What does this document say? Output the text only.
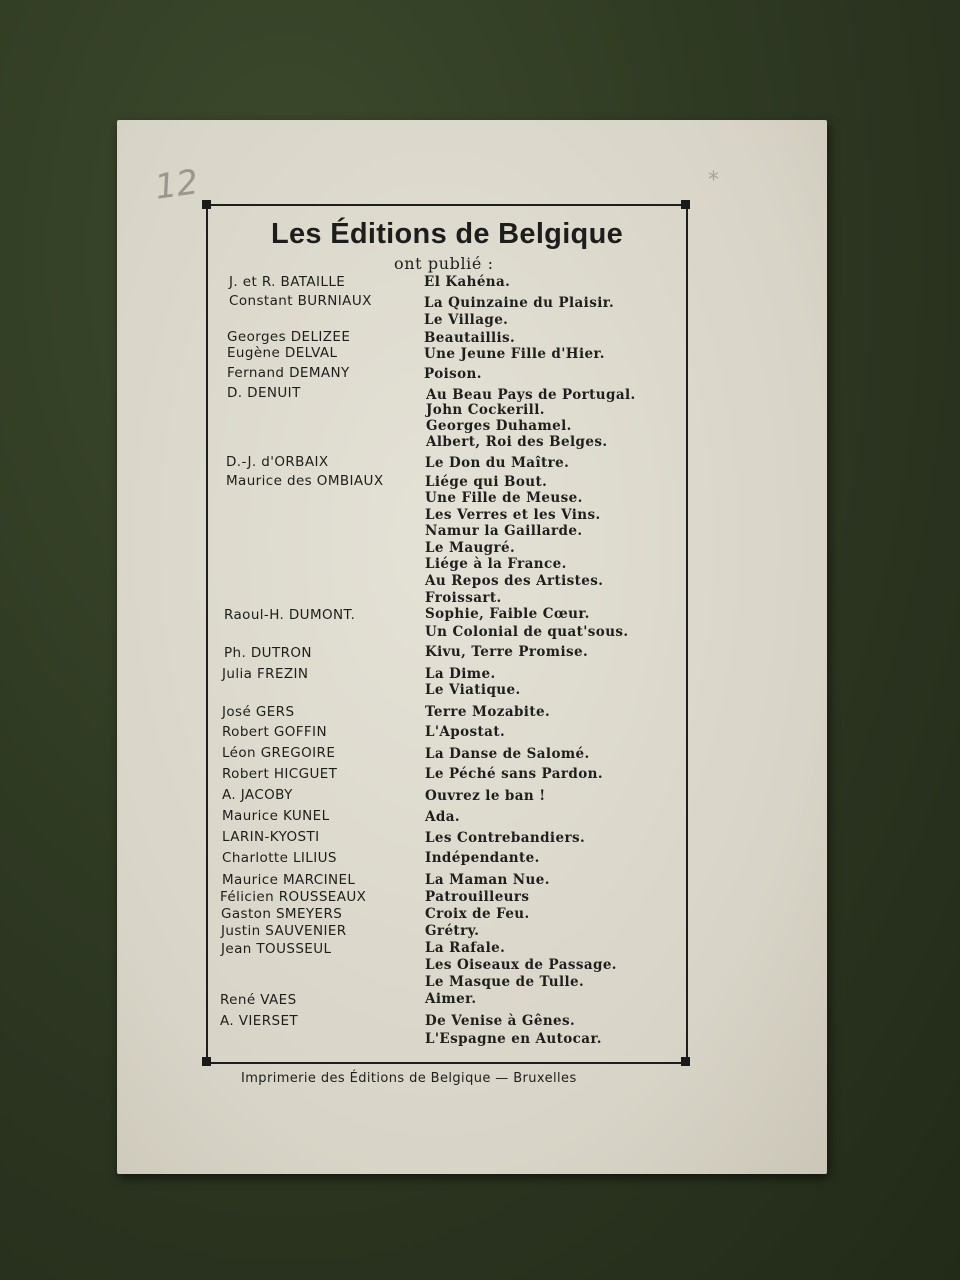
12	*
Les Éditions de Belgique
ont publié :
J. et R. BATAILLE
Constant BURNIAUX
Georges DELIZEE
Eugène DELVAL
Fernand DEMANY
D. DENUIT
D.-J. d'ORBAIX
Maurice des OMBIAUX
Raoul-H. DUMONT.
Ph. DUTRON
Julia FREZIN
José GERS
Robert GOFFIN
Léon GREGOIRE
Robert HICGUET
A. JACOBY
Maurice KUNEL
LARIN-KYOSTI
Charlotte LILIUS
Maurice MARCINEL
Félicien ROUSSEAUX
Gaston SMEYERS
Justin SAUVENIER
Jean TOUSSEUL
René VAES
A. VIERSET
El Kahéna.
La Quinzaine du Plaisir.
Le Village.
Beautaillis.
Une Jeune Fille d'Hier.
Poison.
Au Beau Pays de Portugal.
John Cockerill.
Georges Duhamel.
Albert, Roi des Belges.
Le Don du Maître.
Liége qui Bout.
Une Fille de Meuse.
Les Verres et les Vins.
Namur la Gaillarde.
Le Maugré.
Liége à la France.
Au Repos des Artistes.
Froissart.
Sophie, Faible Cœur.
Un Colonial de quat'sous.
Kivu, Terre Promise.
La Dime.
Le Viatique.
Terre Mozabite.
L'Apostat.
La Danse de Salomé.
Le Péché sans Pardon.
Ouvrez le ban !
Ada.
Les Contrebandiers.
Indépendante.
La Maman Nue.
Patrouilleurs
Croix de Feu.
Grétry.
La Rafale.
Les Oiseaux de Passage.
Le Masque de Tulle.
Aimer.
De Venise à Gênes.
L'Espagne en Autocar.
Imprimerie des Éditions de Belgique — Bruxelles
